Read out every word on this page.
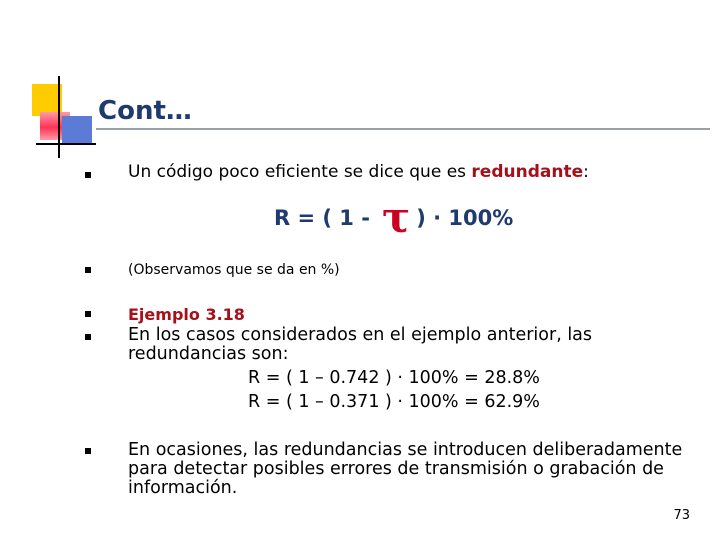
Cont…

Un código poco eficiente se dice que es redundante:

R = ( 1 - τ ) · 100%

(Observamos que se da en %)

Ejemplo 3.18

En los casos considerados en el ejemplo anterior, las

redundancias son:

R = ( 1 – 0.742 ) · 100% = 28.8%

R = ( 1 – 0.371 ) · 100% = 62.9%

En ocasiones, las redundancias se introducen deliberadamente

para detectar posibles errores de transmisión o grabación de

información.

73
